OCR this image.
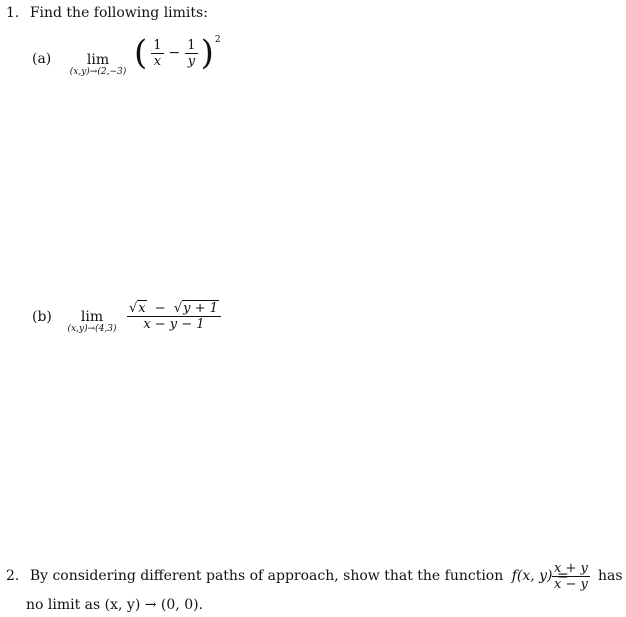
1. Find the following limits:
(a)	lim
(x,y)→(2,−3) ( $\frac{1}{x} - \frac{1}{y}$ ) 2
(b)	lim
$(x,y)\to(4,3) \frac{√ x - √ y + 1}{x - y - 1}$
2. By considering different paths of approach, show that the function f(x, y) =
$\frac{x + y}{x - y}$ has
no limit as (x, y) → (0, 0).
